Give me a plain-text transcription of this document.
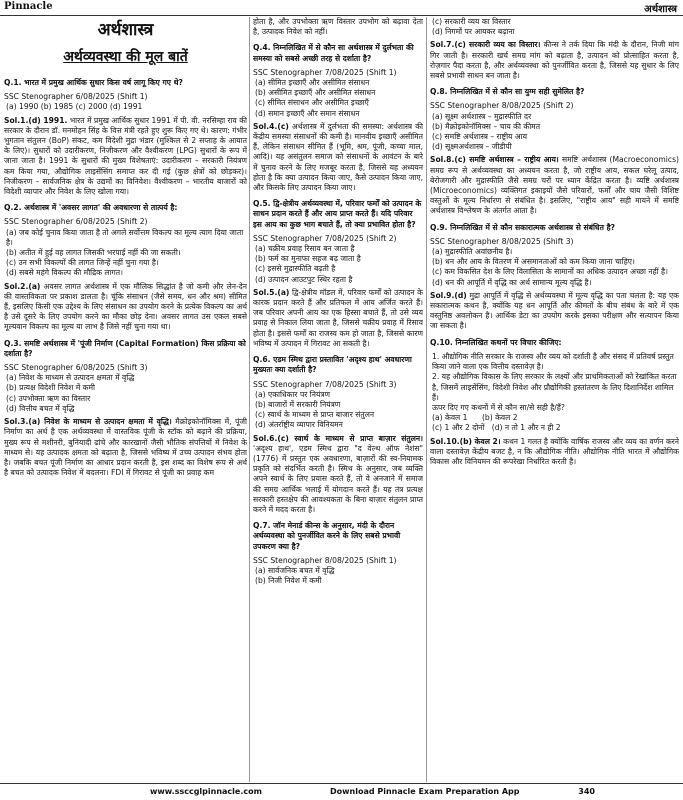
Pinnacle	अर्थशास्त्र
अर्थशास्त्र
अर्थव्यवस्था की मूल बातें

Q.1. भारत में प्रमुख आर्थिक सुधार किस वर्ष लागू किए गए थे?

SSC Stenographer 6/08/2025 (Shift 1)

(a) 1990 (b) 1985 (c) 2000 (d) 1991

Sol.1.(d) 1991. भारत में प्रमुख आर्थिक सुधार 1991 में पी. वी. नरसिम्हा राव की सरकार के दौरान डॉ. मनमोहन सिंह के वित्त मंत्री रहते हुए शुरू किए गए थे। कारण: गंभीर भुगतान संतुलन (BoP) संकट, कम विदेशी मुद्रा भंडार (मुश्किल से 2 सप्ताह के आयात के लिए)। सुधारों को उदारीकरण, निजीकरण और वैश्वीकरण (LPG) सुधारों के रूप में जाना जाता है। 1991 के सुधारों की मुख्य विशेषताएं: उदारीकरण – सरकारी नियंत्रण कम किया गया, औद्योगिक लाइसेंसिंग समाप्त कर दी गई (कुछ क्षेत्रों को छोड़कर)। निजीकरण – सार्वजनिक क्षेत्र के उद्यमों का विनिवेश। वैश्वीकरण – भारतीय बाजारों को विदेशी व्यापार और निवेश के लिए खोला गया।

Q.2. अर्थशास्त्र में 'अवसर लागत' की अवधारणा से तात्पर्य है:

SSC Stenographer 6/08/2025 (Shift 2)

(a) जब कोई चुनाव किया जाता है तो अगले सर्वोत्तम विकल्प का मूल्य त्याग दिया जाता है।

(b) अतीत में हुई वह लागत जिसकी भरपाई नहीं की जा सकती।

(c) उन सभी विकल्पों की लागत जिन्हें नहीं चुना गया है।

(d) सबसे महंगे विकल्प की मौद्रिक लागत।

Sol.2.(a) अवसर लागत अर्थशास्त्र में एक मौलिक सिद्धांत है जो कमी और लेन-देन की वास्तविकता पर प्रकाश डालता है। चूंकि संसाधन (जैसे समय, धन और श्रम) सीमित हैं, इसलिए किसी एक उद्देश्य के लिए संसाधन का उपयोग करने के प्रत्येक विकल्प का अर्थ है उसे दूसरे के लिए उपयोग करने का मौका छोड़ देना। अवसर लागत उस एकल सबसे मूल्यवान विकल्प का मूल्य या लाभ है जिसे नहीं चुना गया था।

Q.3. समष्टि अर्थशास्त्र में 'पूंजी निर्माण (Capital Formation) किस प्रक्रिया को दर्शाता है?

SSC Stenographer 6/08/2025 (Shift 3)

(a) निवेश के माध्यम से उत्पादन क्षमता में वृद्धि

(b) प्रत्यक्ष विदेशी निवेश में कमी

(c) उपभोक्ता ऋण का विस्तार

(d) वित्तीय बचत में वृद्धि

Sol.3.(a) निवेश के माध्यम से उत्पादन क्षमता में वृद्धि। मैक्रोइकोनॉमिक्स में, पूंजी निर्माण का अर्थ है एक अर्थव्यवस्था में वास्तविक पूंजी के स्टॉक को बढ़ाने की प्रक्रिया, मुख्य रूप से मशीनरी, बुनियादी ढांचे और कारखानों जैसी भौतिक संपत्तियों में निवेश के माध्यम से। यह उत्पादक क्षमता को बढ़ाता है, जिससे भविष्य में उच्च उत्पादन संभव होता है। जबकि बचत पूंजी निर्माण का आधार प्रदान करती है, इस शब्द का विशेष रूप से अर्थ है बचत को उत्पादक निवेश में बदलना। FDI में गिरावट से पूंजी का प्रवाह कम
होता है, और उपभोक्ता ऋण विस्तार उपभोग को बढ़ावा देता है, उत्पादक निवेश को नहीं।

Q.4. निम्नलिखित में से कौन सा अर्थशास्त्र में दुर्लभता की समस्या को सबसे अच्छी तरह से दर्शाता है?

SSC Stenographer 7/08/2025 (Shift 1)

(a) सीमित इच्छाएँ और असीमित संसाधन

(b) असीमित इच्छाएँ और असीमित संसाधन

(c) सीमित संसाधन और असीमित इच्छाएँ

(d) समान इच्छाएँ और समान संसाधन

Sol.4.(c) अर्थशास्त्र में दुर्लभता की समस्या: अर्थशास्त्र की केंद्रीय समस्या संसाधनों की कमी है। मानवीय इच्छाएँ असीमित हैं, लेकिन संसाधन सीमित हैं (भूमि, श्रम, पूंजी, कच्चा माल, आदि)। यह असंतुलन समाज को संसाधनों के आवंटन के बारे में चुनाव करने के लिए मजबूर करता है, जिससे यह अध्ययन होता है कि क्या उत्पादन किया जाए, कैसे उत्पादन किया जाए, और किसके लिए उत्पादन किया जाए।

Q.5. द्वि-क्षेत्रीय अर्थव्यवस्था में, परिवार फर्मों को उत्पादन के साधन प्रदान करते हैं और आय प्राप्त करते हैं। यदि परिवार इस आय का कुछ भाग बचाते हैं, तो क्या प्रभावित होता है?

SSC Stenographer 7/08/2025 (Shift 2)

(a) चक्रीय प्रवाह रिसाव बन जाता है

(b) फर्म का मुनाफा सहज बढ़ जाता है

(c) इससे मुद्रास्फीति बढ़ती है

(d) उत्पादन आउटपुट स्थिर रहता है

Sol.5.(a) द्वि-क्षेत्रीय मॉडल में, परिवार फर्मों को उत्पादन के कारक प्रदान करते हैं और प्रतिफल में आय अर्जित करते हैं। जब परिवार अपनी आय का एक हिस्सा बचाते हैं, तो उसे व्यय प्रवाह से निकाल लिया जाता है, जिससे चक्रीय प्रवाह में रिसाव होता है। इससे फर्मों का राजस्व कम हो जाता है, जिससे कारण भविष्य में उत्पादन में गिरावट आ सकती है।

Q.6. एडम स्मिथ द्वारा प्रस्तावित 'अदृश्य हाथ' अवधारणा मुख्यतः क्या दर्शाती है?

SSC Stenographer 7/08/2025 (Shift 3)

(a) एकाधिकार पर नियंत्रण

(b) बाजारों में सरकारी नियंत्रण

(c) स्वार्थ के माध्यम से प्राप्त बाजार संतुलन

(d) अंतर्राष्ट्रीय व्यापार विनियमन

Sol.6.(c) स्वार्थ के माध्यम से प्राप्त बाज़ार संतुलन। 'अदृश्य हाथ', एडम स्मिथ द्वारा "द वेल्थ ऑफ नेशंस" (1776) में प्रस्तुत एक अवधारणा, बाज़ारों की स्व-नियामक प्रकृति को संदर्भित करती है। स्मिथ के अनुसार, जब व्यक्ति अपने स्वार्थ के लिए प्रयास करते हैं, तो वे अनजाने में समाज की समग्र आर्थिक भलाई में योगदान करते हैं। यह तंत्र प्रत्यक्ष सरकारी हस्तक्षेप की आवश्यकता के बिना बाज़ार संतुलन प्राप्त करने में मदद करता है।

Q.7. जॉन मेनार्ड कीन्स के अनुसार, मंदी के दौरान अर्थव्यवस्था को पुनर्जीवित करने के लिए सबसे प्रभावी उपकरण क्या है?

SSC Stenographer 8/08/2025 (Shift 1)

(a) सार्वजनिक बचत में वृद्धि

(b) निजी निवेश में कमी

(c) सरकारी व्यय का विस्तार

(d) निगमों पर आयकर बढ़ाना

Sol.7.(c) सरकारी व्यय का विस्तार। कीन्स ने तर्क दिया कि मंदी के दौरान, निजी मांग गिर जाती है। सरकारी खर्च समग्र मांग को बढ़ाता है, उत्पादन को प्रोत्साहित करता है, रोज़गार पैदा करता है, और अर्थव्यवस्था को पुनर्जीवित करता है, जिससे यह सुधार के लिए सबसे प्रभावी साधन बन जाता है।

Q.8. निम्नलिखित में से कौन सा युग्म सही सुमेलित है?

SSC Stenographer 8/08/2025 (Shift 2)

(a) सूक्ष्म अर्थशास्त्र – मुद्रास्फीति दर

(b) मैक्रोइकोनॉमिक्स – चाय की कीमत

(c) समष्टि अर्थशास्त्र – राष्ट्रीय आय

(d) सूक्ष्मअर्थशास्त्र – जीडीपी

Sol.8.(c) समष्टि अर्थशास्त्र – राष्ट्रीय आय। समष्टि अर्थशास्त्र (Macroeconomics) समग्र रूप से अर्थव्यवस्था का अध्ययन करता है, जो राष्ट्रीय आय, सकल घरेलू उत्पाद, बेरोजगारी और मुद्रास्फीति जैसे समग्र चरों पर ध्यान केंद्रित करता है। व्यष्टि अर्थशास्त्र (Microeconomics) व्यक्तिगत इकाइयों जैसे परिवारों, फर्मों और चाय जैसी विशिष्ट वस्तुओं के मूल्य निर्धारण से संबंधित है। इसलिए, "राष्ट्रीय आय" सही मायने में समष्टि अर्थशास्त्र विश्लेषण के अंतर्गत आता है।

Q.9. निम्नलिखित में से कौन सकारात्मक अर्थशास्त्र से संबंधित है?

SSC Stenographer 8/08/2025 (Shift 3)

(a) मुद्रास्फीति अवांछनीय है।

(b) धन और आय के वितरण में असमानताओं को कम किया जाना चाहिए।

(c) कम विकसित देश के लिए विलासिता के सामानों का अधिक उत्पादन अच्छा नहीं है।

(d) धन की आपूर्ति में वृद्धि का अर्थ सामान्य मूल्य वृद्धि है।

Sol.9.(d) मुद्रा आपूर्ति में वृद्धि से अर्थव्यवस्था में मूल्य वृद्धि का पता चलता है: यह एक सकारात्मक कथन है, क्योंकि यह धन आपूर्ति और कीमतों के बीच संबंध के बारे में एक वस्तुनिष्ठ अवलोकन है। आर्थिक डेटा का उपयोग करके इसका परीक्षण और सत्यापन किया जा सकता है।

Q.10. निम्नलिखित कथनों पर विचार कीजिए:

1. औद्योगिक नीति सरकार के राजस्व और व्यय को दर्शाती है और संसद में प्रतिवर्ष प्रस्तुत किया जाने वाला एक वित्तीय दस्तावेज़ है।

2. यह औद्योगिक विकास के लिए सरकार के लक्ष्यों और प्राथमिकताओं को रेखांकित करता है, जिसमें लाइसेंसिंग, विदेशी निवेश और प्रौद्योगिकी हस्तांतरण के लिए दिशानिर्देश शामिल हैं।

ऊपर दिए गए कथनों में से कौन सा/से सही है/हैं?

(a) केवल 1 (b) केवल 2

(c) 1 और 2 दोनों (d) न तो 1 और न ही 2

Sol.10.(b) केवल 2। कथन 1 गलत है क्योंकि वार्षिक राजस्व और व्यय का वर्णन करने वाला दस्तावेज़ केंद्रीय बजट है, न कि औद्योगिक नीति। औद्योगिक नीति भारत में औद्योगिक विकास और विनियमन की रूपरेखा निर्धारित करती है।
www.ssccglpinnacle.com	Download Pinnacle Exam Preparation App	340
